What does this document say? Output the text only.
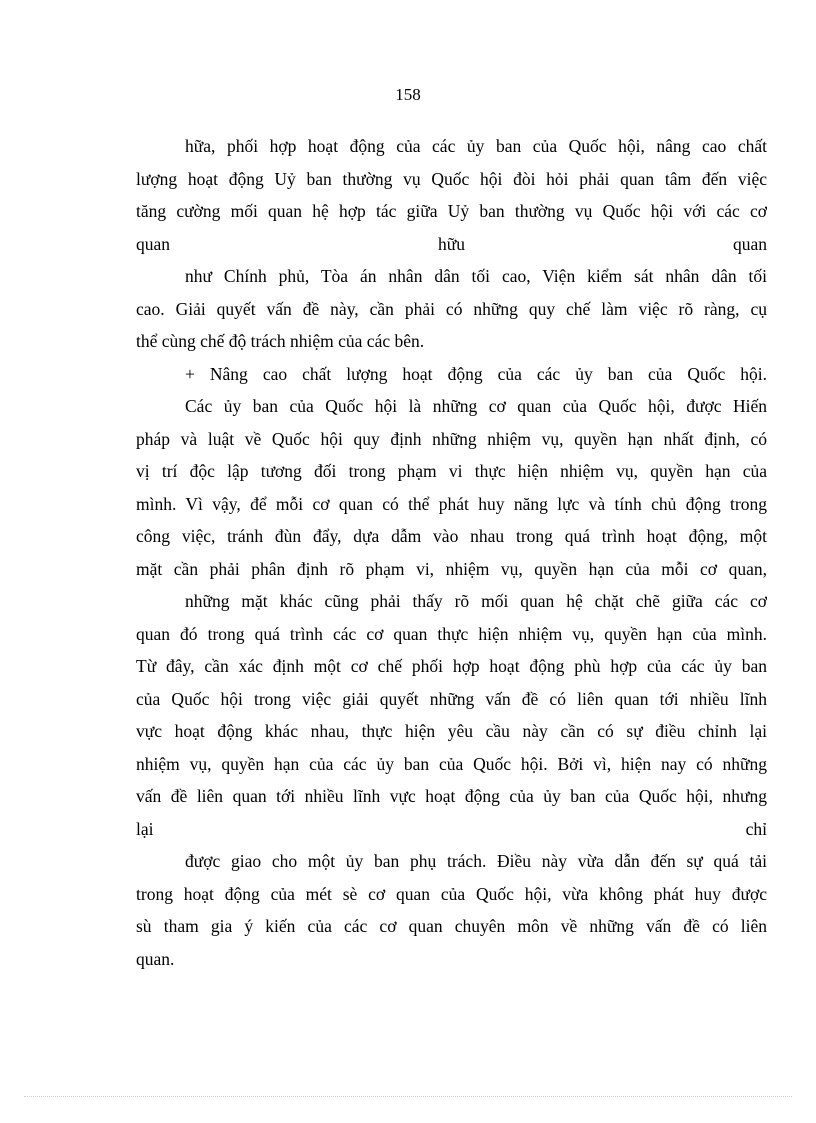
158
hữa, phối hợp hoạt động của các ủy ban của Quốc hội, nâng cao chất
lượng hoạt động Uỷ ban thường vụ Quốc hội đòi hỏi phải quan tâm đến việc
tăng cường mối quan hệ hợp tác giữa Uỷ ban thường vụ Quốc hội với các cơ
quan hữu quan
như Chính phủ, Tòa án nhân dân tối cao, Viện kiểm sát nhân dân tối
cao. Giải quyết vấn đề này, cần phải có những quy chế làm việc rõ ràng, cụ
thể cùng chế độ trách nhiệm của các bên.
+ Nâng cao chất lượng hoạt động của các ủy ban của Quốc hội.
Các ủy ban của Quốc hội là những cơ quan của Quốc hội, được Hiến
pháp và luật về Quốc hội quy định những nhiệm vụ, quyền hạn nhất định, có
vị trí độc lập tương đối trong phạm vi thực hiện nhiệm vụ, quyền hạn của
mình. Vì vậy, để mỗi cơ quan có thể phát huy năng lực và tính chủ động trong
công việc, tránh đùn đẩy, dựa dẫm vào nhau trong quá trình hoạt động, một
mặt cần phải phân định rõ phạm vi, nhiệm vụ, quyền hạn của mỗi cơ quan,
những mặt khác cũng phải thấy rõ mối quan hệ chặt chẽ giữa các cơ
quan đó trong quá trình các cơ quan thực hiện nhiệm vụ, quyền hạn của mình.
Từ đây, cần xác định một cơ chế phối hợp hoạt động phù hợp của các ủy ban
của Quốc hội trong việc giải quyết những vấn đề có liên quan tới nhiều lĩnh
vực hoạt động khác nhau, thực hiện yêu cầu này cần có sự điều chỉnh lại
nhiệm vụ, quyền hạn của các ủy ban của Quốc hội. Bởi vì, hiện nay có những
vấn đề liên quan tới nhiều lĩnh vực hoạt động của ủy ban của Quốc hội, nhưng
lại chỉ
được giao cho một ủy ban phụ trách. Điều này vừa dẫn đến sự quá tải
trong hoạt động của mét sè cơ quan của Quốc hội, vừa không phát huy được
sù tham gia ý kiến của các cơ quan chuyên môn về những vấn đề có liên
quan.
